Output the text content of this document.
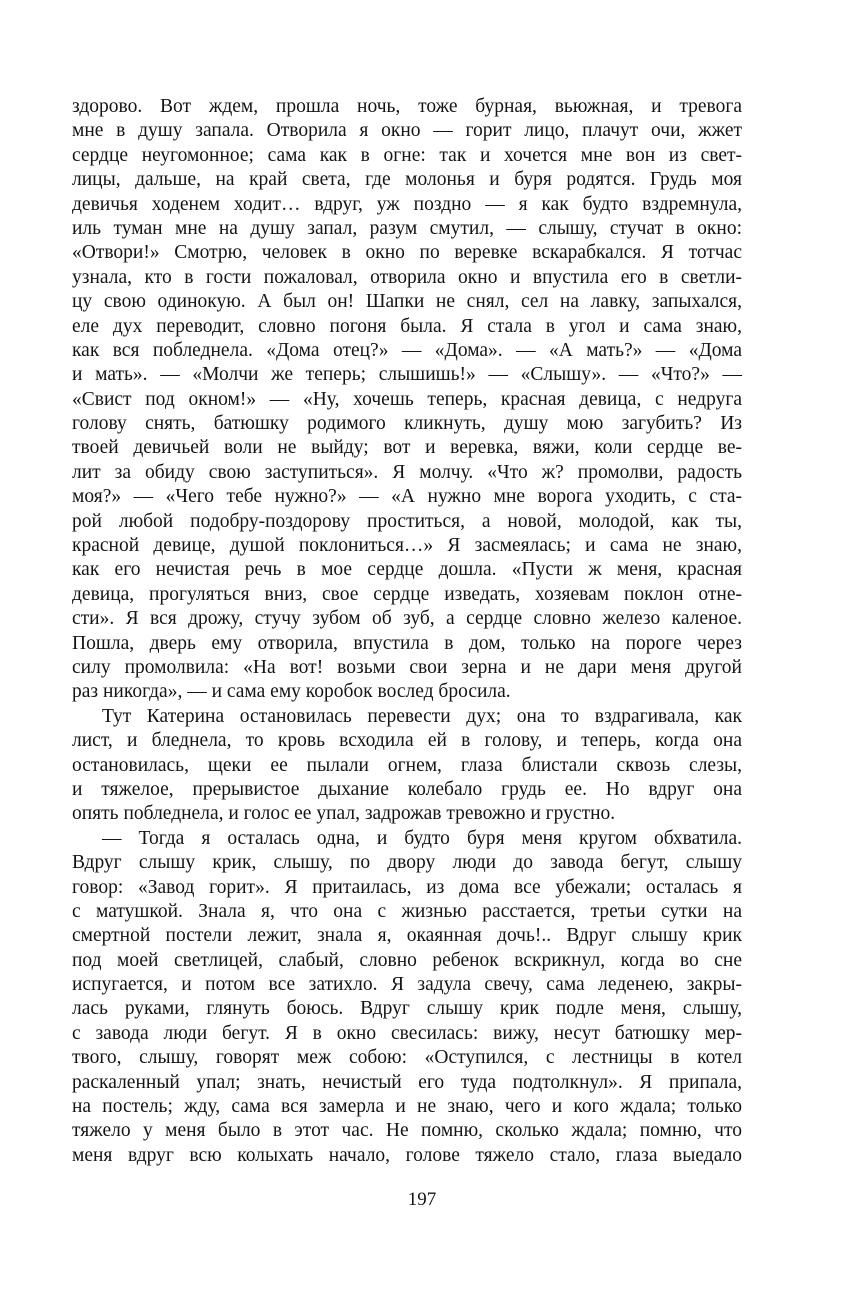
здорово. Вот ждем, прошла ночь, тоже бурная, вьюжная, и тревога
мне в душу запала. Отворила я окно — горит лицо, плачут очи, жжет
сердце неугомонное; сама как в огне: так и хочется мне вон из свет-
лицы, дальше, на край света, где молонья и буря родятся. Грудь моя
девичья ходенем ходит… вдруг, уж поздно — я как будто вздремнула,
иль туман мне на душу запал, разум смутил, — слышу, стучат в окно:
«Отвори!» Смотрю, человек в окно по веревке вскарабкался. Я тотчас
узнала, кто в гости пожаловал, отворила окно и впустила его в светли-
цу свою одинокую. А был он! Шапки не снял, сел на лавку, запыхался,
еле дух переводит, словно погоня была. Я стала в угол и сама знаю,
как вся побледнела. «Дома отец?» — «Дома». — «А мать?» — «Дома
и мать». — «Молчи же теперь; слышишь!» — «Слышу». — «Что?» —
«Свист под окном!» — «Ну, хочешь теперь, красная девица, с недруга
голову снять, батюшку родимого кликнуть, душу мою загубить? Из
твоей девичьей воли не выйду; вот и веревка, вяжи, коли сердце ве-
лит за обиду свою заступиться». Я молчу. «Что ж? промолви, радость
моя?» — «Чего тебе нужно?» — «А нужно мне ворога уходить, с ста-
рой любой подобру-поздорову проститься, а новой, молодой, как ты,
красной девице, душой поклониться…» Я засмеялась; и сама не знаю,
как его нечистая речь в мое сердце дошла. «Пусти ж меня, красная
девица, прогуляться вниз, свое сердце изведать, хозяевам поклон отне-
сти». Я вся дрожу, стучу зубом об зуб, а сердце словно железо каленое.
Пошла, дверь ему отворила, впустила в дом, только на пороге через
силу промолвила: «На вот! возьми свои зерна и не дари меня другой
раз никогда», — и сама ему коробок вослед бросила.
Тут Катерина остановилась перевести дух; она то вздрагивала, как
лист, и бледнела, то кровь всходила ей в голову, и теперь, когда она
остановилась, щеки ее пылали огнем, глаза блистали сквозь слезы,
и тяжелое, прерывистое дыхание колебало грудь ее. Но вдруг она
опять побледнела, и голос ее упал, задрожав тревожно и грустно.
— Тогда я осталась одна, и будто буря меня кругом обхватила.
Вдруг слышу крик, слышу, по двору люди до завода бегут, слышу
говор: «Завод горит». Я притаилась, из дома все убежали; осталась я
с матушкой. Знала я, что она с жизнью расстается, третьи сутки на
смертной постели лежит, знала я, окаянная дочь!.. Вдруг слышу крик
под моей светлицей, слабый, словно ребенок вскрикнул, когда во сне
испугается, и потом все затихло. Я задула свечу, сама леденею, закры-
лась руками, глянуть боюсь. Вдруг слышу крик подле меня, слышу,
с завода люди бегут. Я в окно свесилась: вижу, несут батюшку мер-
твого, слышу, говорят меж собою: «Оступился, с лестницы в котел
раскаленный упал; знать, нечистый его туда подтолкнул». Я припала,
на постель; жду, сама вся замерла и не знаю, чего и кого ждала; только
тяжело у меня было в этот час. Не помню, сколько ждала; помню, что
меня вдруг всю колыхать начало, голове тяжело стало, глаза выедало
197
